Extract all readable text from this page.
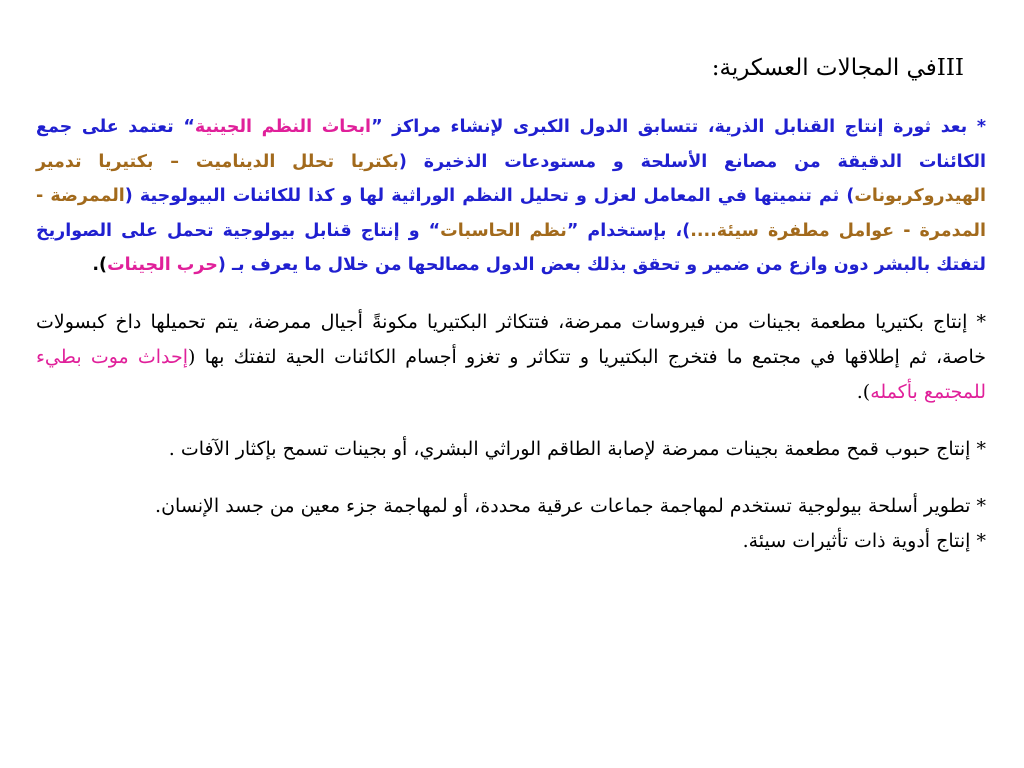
IIIفي المجالات العسكرية:

* بعد ثورة إنتاج القنابل الذرية، تتسابق الدول الكبرى لإنشاء مراكز ”ابحاث النظم الجينية“ تعتمد على جمع الكائنات الدقيقة من مصانع الأسلحة و مستودعات الذخيرة (بكتريا تحلل الديناميت – بكتيريا تدمير الهيدروكربونات) ثم تنميتها في المعامل لعزل و تحليل النظم الوراثية لها و كذا للكائنات البيولوجية (الممرضة - المدمرة - عوامل مطفرة سيئة....)، بإستخدام ”نظم الحاسبات“ و إنتاج قنابل بيولوجية تحمل على الصواريخ لتفتك بالبشر دون وازع من ضمير و تحقق بذلك بعض الدول مصالحها من خلال ما يعرف بـ (حرب الجينات).

* إنتاج بكتيريا مطعمة بجينات من فيروسات ممرضة، فتتكاثر البكتيريا مكونةً أجيال ممرضة، يتم تحميلها داخ كبسولات خاصة، ثم إطلاقها في مجتمع ما فتخرج البكتيريا و تتكاثر و تغزو أجسام الكائنات الحية لتفتك بها (إحداث موت بطيء للمجتمع بأكمله).

* إنتاج حبوب قمح مطعمة بجينات ممرضة لإصابة الطاقم الوراثي البشري، أو بجينات تسمح بإكثار الآفات .

* تطوير أسلحة بيولوجية تستخدم لمهاجمة جماعات عرقية محددة، أو لمهاجمة جزء معين من جسد الإنسان.

* إنتاج أدوية ذات تأثيرات سيئة.
